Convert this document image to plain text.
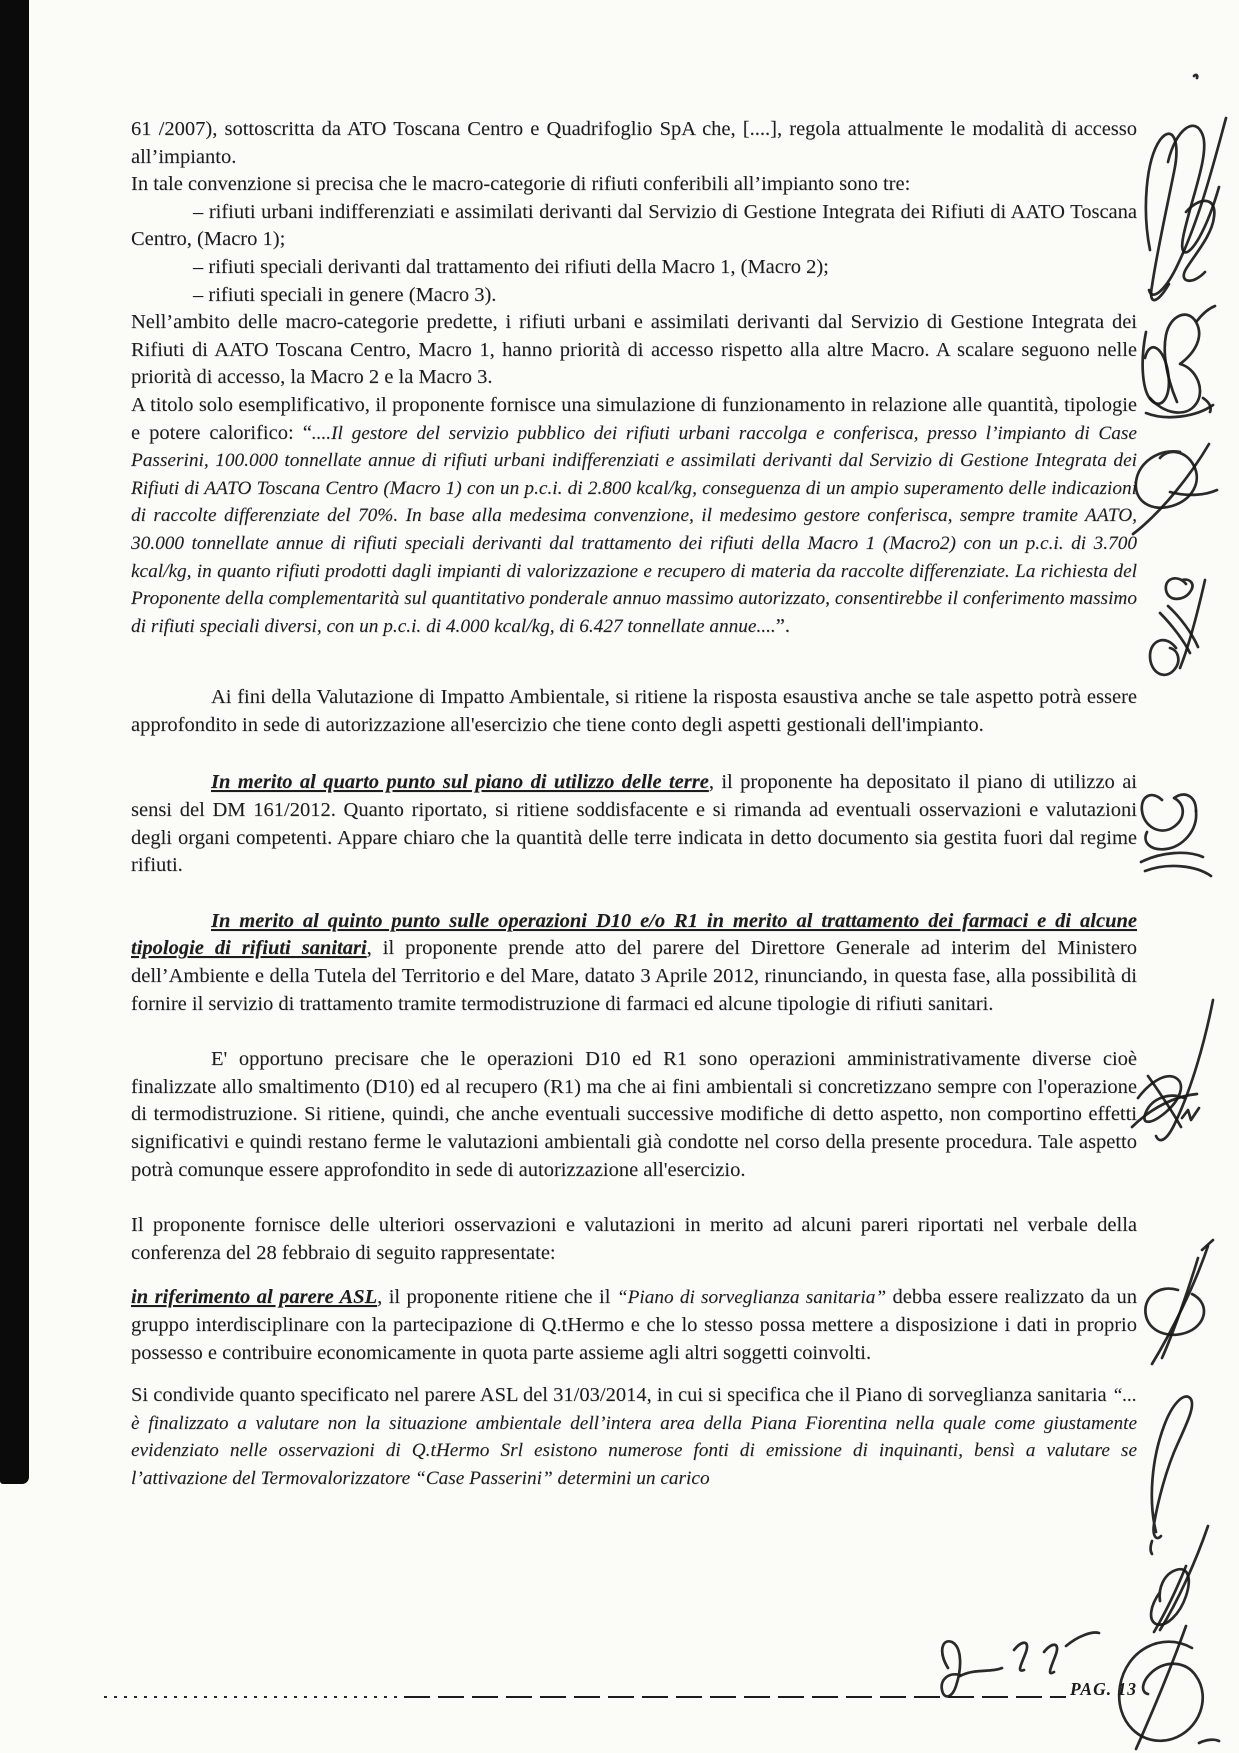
61 /2007), sottoscritta da ATO Toscana Centro e Quadrifoglio SpA che, [....], regola attualmente le modalità di accesso all’impianto.

In tale convenzione si precisa che le macro-categorie di rifiuti conferibili all’impianto sono tre:

– rifiuti urbani indifferenziati e assimilati derivanti dal Servizio di Gestione Integrata dei Rifiuti di AATO Toscana Centro, (Macro 1);

– rifiuti speciali derivanti dal trattamento dei rifiuti della Macro 1, (Macro 2);

– rifiuti speciali in genere (Macro 3).

Nell’ambito delle macro-categorie predette, i rifiuti urbani e assimilati derivanti dal Servizio di Gestione Integrata dei Rifiuti di AATO Toscana Centro, Macro 1, hanno priorità di accesso rispetto alla altre Macro. A scalare seguono nelle priorità di accesso, la Macro 2 e la Macro 3.

A titolo solo esemplificativo, il proponente fornisce una simulazione di funzionamento in relazione alle quantità, tipologie e potere calorifico: “....Il gestore del servizio pubblico dei rifiuti urbani raccolga e conferisca, presso l’impianto di Case Passerini, 100.000 tonnellate annue di rifiuti urbani indifferenziati e assimilati derivanti dal Servizio di Gestione Integrata dei Rifiuti di AATO Toscana Centro (Macro 1) con un p.c.i. di 2.800 kcal/kg, conseguenza di un ampio superamento delle indicazioni di raccolte differenziate del 70%. In base alla medesima convenzione, il medesimo gestore conferisca, sempre tramite AATO, 30.000 tonnellate annue di rifiuti speciali derivanti dal trattamento dei rifiuti della Macro 1 (Macro2) con un p.c.i. di 3.700 kcal/kg, in quanto rifiuti prodotti dagli impianti di valorizzazione e recupero di materia da raccolte differenziate. La richiesta del Proponente della complementarità sul quantitativo ponderale annuo massimo autorizzato, consentirebbe il conferimento massimo di rifiuti speciali diversi, con un p.c.i. di 4.000 kcal/kg, di 6.427 tonnellate annue....”.

Ai fini della Valutazione di Impatto Ambientale, si ritiene la risposta esaustiva anche se tale aspetto potrà essere approfondito in sede di autorizzazione all'esercizio che tiene conto degli aspetti gestionali dell'impianto.

In merito al quarto punto sul piano di utilizzo delle terre, il proponente ha depositato il piano di utilizzo ai sensi del DM 161/2012. Quanto riportato, si ritiene soddisfacente e si rimanda ad eventuali osservazioni e valutazioni degli organi competenti. Appare chiaro che la quantità delle terre indicata in detto documento sia gestita fuori dal regime rifiuti.

In merito al quinto punto sulle operazioni D10 e/o R1 in merito al trattamento dei farmaci e di alcune tipologie di rifiuti sanitari, il proponente prende atto del parere del Direttore Generale ad interim del Ministero dell’Ambiente e della Tutela del Territorio e del Mare, datato 3 Aprile 2012, rinunciando, in questa fase, alla possibilità di fornire il servizio di trattamento tramite termodistruzione di farmaci ed alcune tipologie di rifiuti sanitari.

E' opportuno precisare che le operazioni D10 ed R1 sono operazioni amministrativamente diverse cioè finalizzate allo smaltimento (D10) ed al recupero (R1) ma che ai fini ambientali si concretizzano sempre con l'operazione di termodistruzione. Si ritiene, quindi, che anche eventuali successive modifiche di detto aspetto, non comportino effetti significativi e quindi restano ferme le valutazioni ambientali già condotte nel corso della presente procedura. Tale aspetto potrà comunque essere approfondito in sede di autorizzazione all'esercizio.

Il proponente fornisce delle ulteriori osservazioni e valutazioni in merito ad alcuni pareri riportati nel verbale della conferenza del 28 febbraio di seguito rappresentate:

in riferimento al parere ASL, il proponente ritiene che il “Piano di sorveglianza sanitaria” debba essere realizzato da un gruppo interdisciplinare con la partecipazione di Q.tHermo e che lo stesso possa mettere a disposizione i dati in proprio possesso e contribuire economicamente in quota parte assieme agli altri soggetti coinvolti.

Si condivide quanto specificato nel parere ASL del 31/03/2014, in cui si specifica che il Piano di sorveglianza sanitaria “... è finalizzato a valutare non la situazione ambientale dell’intera area della Piana Fiorentina nella quale come giustamente evidenziato nelle osservazioni di Q.tHermo Srl esistono numerose fonti di emissione di inquinanti, bensì a valutare se l’attivazione del Termovalorizzatore “Case Passerini” determini un carico

PAG. 13
